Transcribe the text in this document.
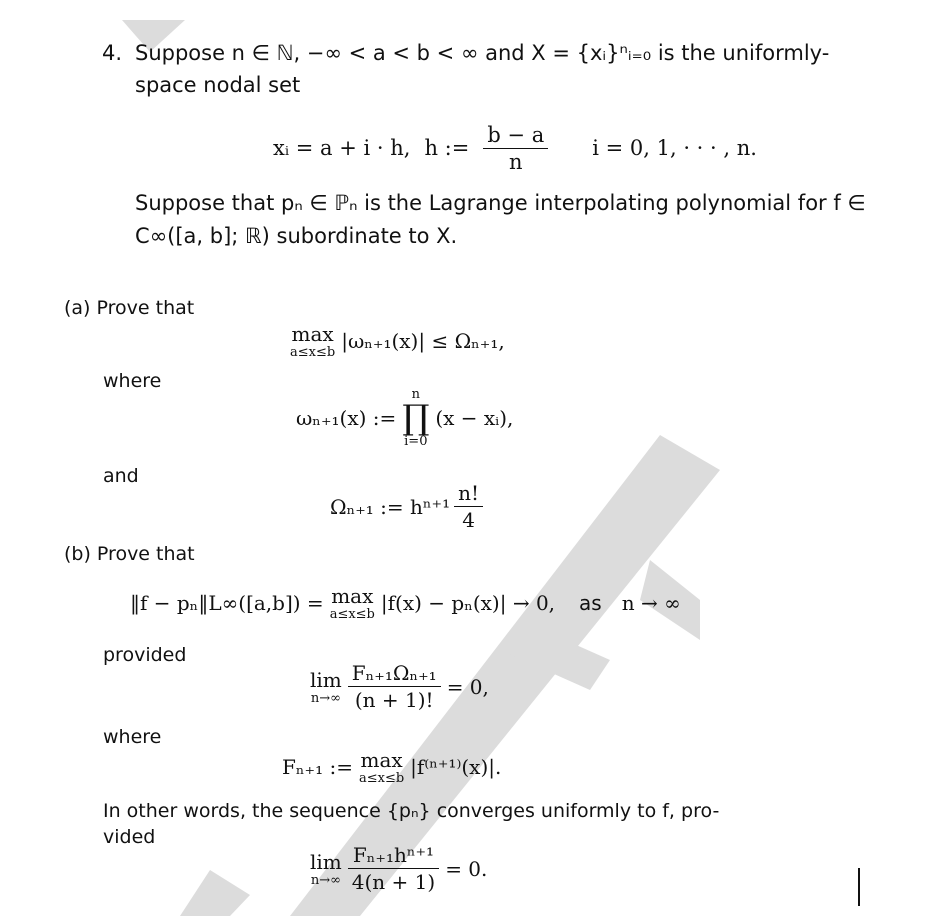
4. Suppose n ∈ ℕ, −∞ < a < b < ∞ and X = {xᵢ}ⁿᵢ₌₀ is the uniformly-
space nodal set
xᵢ = a + i · h, h := $\frac{b - a}{n}$ i = 0, 1, · · · , n.
Suppose that pₙ ∈ ℙₙ is the Lagrange interpolating polynomial for f ∈
C∞([a, b]; ℝ) subordinate to X.
(a) Prove that
max
a≤x≤b |ωₙ₊₁(x)| ≤ Ωₙ₊₁,
where
ωₙ₊₁(x) :=
n
∏
i=0
(x − xᵢ),
and
Ωₙ₊₁ := $h^{n+1} \frac{n!}{4}$
(b) Prove that
‖f − pₙ‖L∞([a,b]) = max
a≤x≤b |f(x) − pₙ(x)| → 0, as n → ∞
provided
lim
$n\to\infty \frac{\text{Fₙ₊₁Ωₙ₊₁}}{(n + 1)!} = 0$,
where
Fₙ₊₁ := max
a≤x≤b |f⁽ⁿ⁺¹⁾(x)|.
In other words, the sequence {pₙ} converges uniformly to f, pro-
vided
lim
$n\to\infty \frac{\text{Fₙ₊₁hⁿ⁺¹}}{4(n + 1)} = 0$.
